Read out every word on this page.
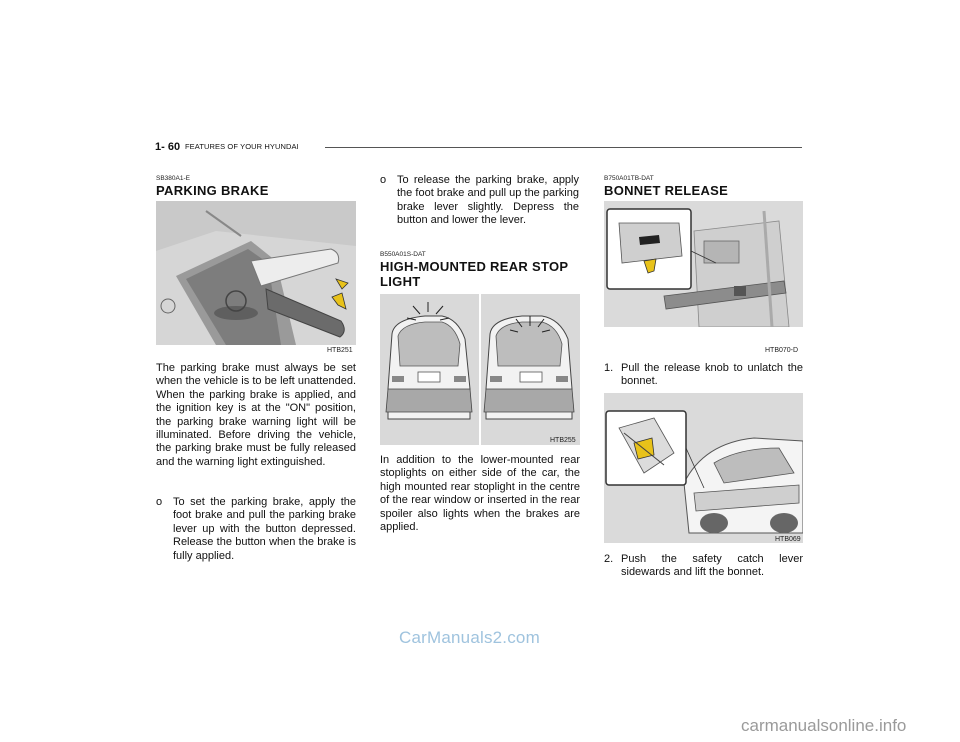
1- 60 FEATURES OF YOUR HYUNDAI
SB380A1-E
PARKING BRAKE
HTB251
The parking brake must always be set when the vehicle is to be left unattended. When the parking brake is applied, and the ignition key is at the "ON" position, the parking brake warning light will be illuminated. Before driving the vehicle, the parking brake must be fully released and the warning light extinguished.
o To set the parking brake, apply the foot brake and pull the parking brake lever up with the button depressed. Release the button when the brake is fully applied.
o To release the parking brake, apply the foot brake and pull up the parking brake lever slightly. Depress the button and lower the lever.
B550A01S-DAT
HIGH-MOUNTED REAR STOP LIGHT
HTB255
In addition to the lower-mounted rear stoplights on either side of the car, the high mounted rear stoplight in the centre of the rear window or inserted in the rear spoiler also lights when the brakes are applied.
B750A01TB-DAT
BONNET RELEASE
HTB070-D
1. Pull the release knob to unlatch the bonnet.
HTB069
2. Push the safety catch lever sidewards and lift the bonnet.
CarManuals2.com
carmanualsonline.info
